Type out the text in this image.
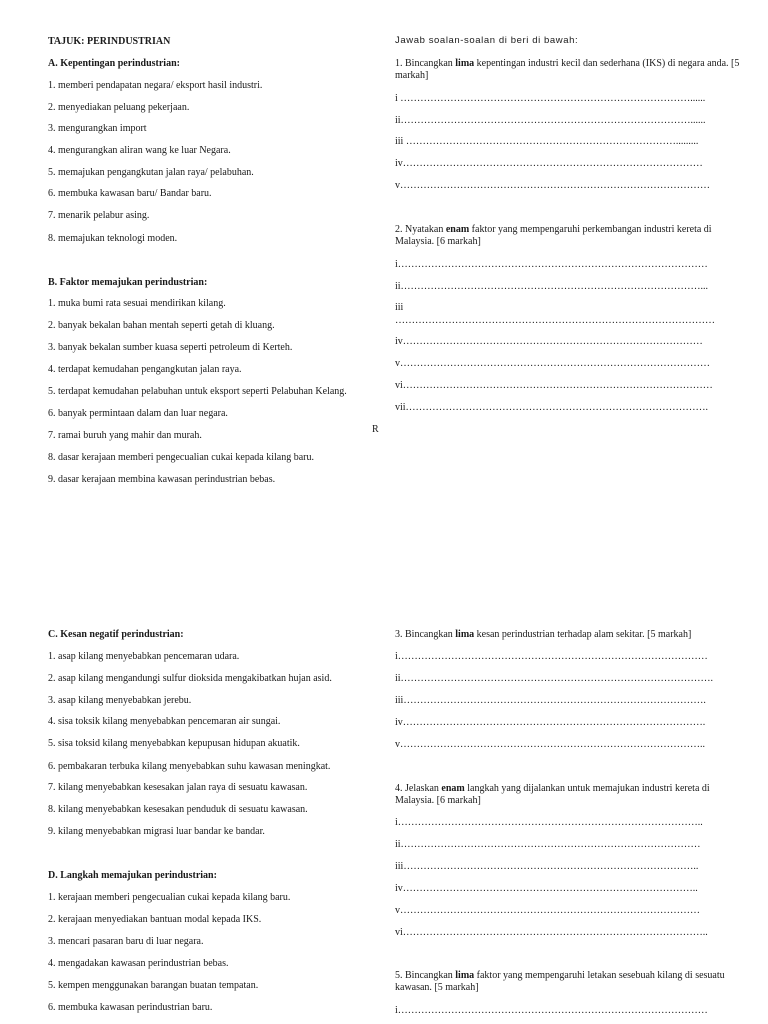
TAJUK: PERINDUSTRIAN
A. Kepentingan perindustrian:
1. memberi pendapatan negara/ eksport hasil industri.
2. menyediakan peluang pekerjaan.
3. mengurangkan import
4. mengurangkan aliran wang ke luar Negara.
5. memajukan pengangkutan jalan raya/ pelabuhan.
6. membuka kawasan baru/ Bandar baru.
7. menarik pelabur asing.
8. memajukan teknologi moden.
B. Faktor memajukan perindustrian:
1. muka bumi rata sesuai mendirikan kilang.
2. banyak bekalan bahan mentah seperti getah di kluang.
3. banyak bekalan sumber kuasa seperti petroleum di Kerteh.
4. terdapat kemudahan pengangkutan jalan raya.
5. terdapat kemudahan pelabuhan untuk eksport seperti Pelabuhan Kelang.
6. banyak permintaan dalam dan luar negara.
7. ramai buruh yang mahir dan murah.
8. dasar kerajaan memberi pengecualian cukai kepada kilang baru.
9. dasar kerajaan membina kawasan perindustrian bebas.
C. Kesan negatif perindustrian:
1. asap kilang menyebabkan pencemaran udara.
2. asap kilang mengandungi sulfur dioksida mengakibatkan hujan asid.
3. asap kilang menyebabkan jerebu.
4. sisa toksik kilang menyebabkan pencemaran air sungai.
5. sisa toksid kilang menyebabkan kepupusan hidupan akuatik.
6. pembakaran terbuka kilang menyebabkan suhu kawasan meningkat.
7. kilang menyebabkan kesesakan jalan raya di sesuatu kawasan.
8. kilang menyebabkan kesesakan penduduk di sesuatu kawasan.
9. kilang menyebabkan migrasi luar bandar ke bandar.
D. Langkah memajukan perindustrian:
1. kerajaan memberi pengecualian cukai kepada kilang baru.
2. kerajaan menyediakan bantuan modal kepada IKS.
3. mencari pasaran baru di luar negara.
4. mengadakan kawasan perindustrian bebas.
5. kempen menggunakan barangan buatan tempatan.
6. membuka kawasan perindustrian baru.
R
Jawab soalan-soalan di beri di bawah:
1. Bincangkan lima kepentingan industri kecil dan sederhana (IKS) di negara anda. [5 markah]
i ……………………………………………………………………………......
ii……………………………………………………………………………......
iii ……………………………………………………………………….........
iv………………………………………………………………………………
v…………………………………………………………………………………
2. Nyatakan enam faktor yang mempengaruhi perkembangan industri kereta di Malaysia. [6 markah]
i…………………………………………………………………………………
ii………………………………………………………………………………...
iii
……………………………………………………………………………………
iv………………………………………………………………………………
v…………………………………………………………………………………
vi…………………………………………………………………………………
vii……………………………………………………………………………….
3. Bincangkan lima kesan perindustrian terhadap alam sekitar. [5 markah]
i…………………………………………………………………………………
ii………………………………………………………………………………….
iii……………………………………………………………………………….
iv……………………………………………………………………………….
v………………………………………………………………………………..
4. Jelaskan enam langkah yang dijalankan untuk memajukan industri kereta di Malaysia. [6 markah]
i………………………………………………………………………………..
ii………………………………………………………………………………
iii……………………………………………………………………………..
iv……………………………………………………………………………..
v………………………………………………………………………………
vi………………………………………………………………………………..
5. Bincangkan lima faktor yang mempengaruhi letakan sesebuah kilang di sesuatu kawasan. [5 markah]
i…………………………………………………………………………………
